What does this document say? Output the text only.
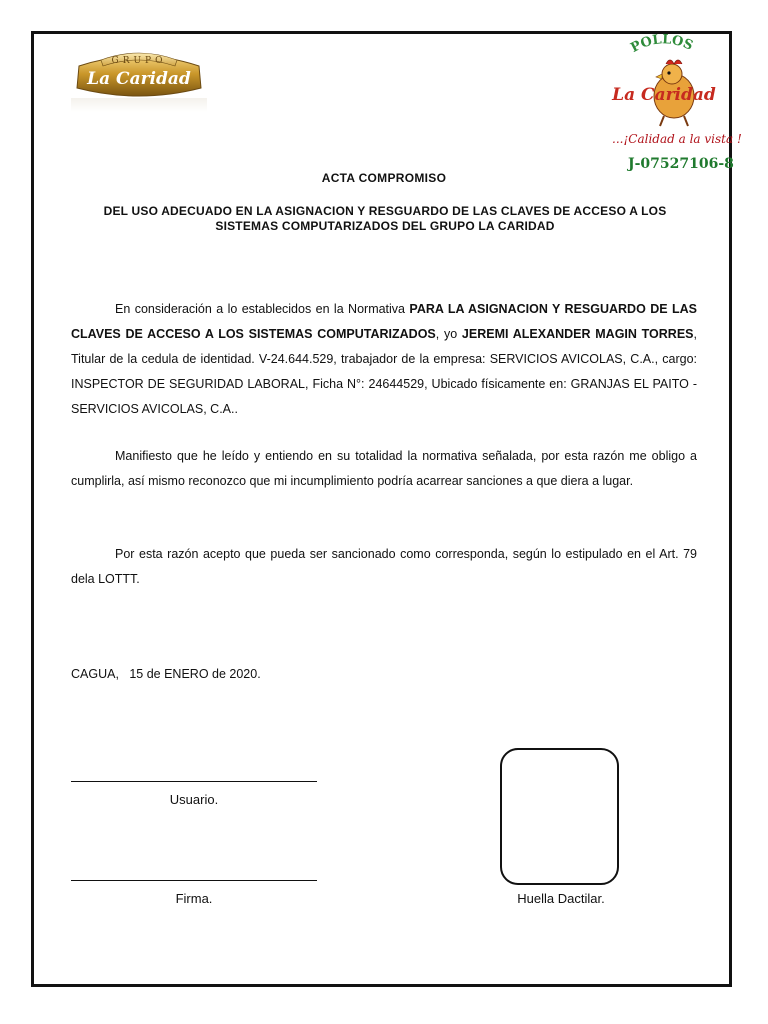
GRUPO
La Caridad
POLLOS
La Caridad
...¡Calidad a la vista !
J-07527106-8
ACTA COMPROMISO
DEL USO ADECUADO EN LA ASIGNACION Y RESGUARDO DE LAS CLAVES DE ACCESO A LOS SISTEMAS COMPUTARIZADOS DEL GRUPO LA CARIDAD
En consideración a lo establecidos en la Normativa PARA LA ASIGNACION Y RESGUARDO DE LAS CLAVES DE ACCESO A LOS SISTEMAS COMPUTARIZADOS, yo JEREMI ALEXANDER MAGIN TORRES, Titular de la cedula de identidad. V-24.644.529, trabajador de la empresa: SERVICIOS AVICOLAS, C.A., cargo: INSPECTOR DE SEGURIDAD LABORAL, Ficha N°: 24644529, Ubicado físicamente en: GRANJAS EL PAITO - SERVICIOS AVICOLAS, C.A..
Manifiesto que he leído y entiendo en su totalidad la normativa señalada, por esta razón me obligo a cumplirla, así mismo reconozco que mi incumplimiento podría acarrear sanciones a que diera a lugar.
Por esta razón acepto que pueda ser sancionado como corresponda, según lo estipulado en el Art. 79 dela LOTTT.
CAGUA,   15 de ENERO de 2020.
Usuario.
Firma.	Huella Dactilar.
